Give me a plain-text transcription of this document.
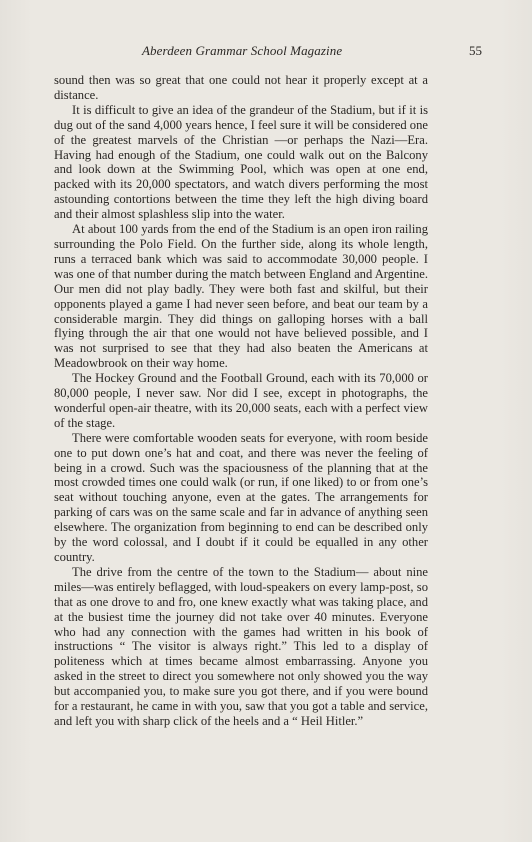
Aberdeen Grammar School Magazine	55

sound then was so great that one could not hear it properly except at a distance.

It is difficult to give an idea of the grandeur of the Stadium, but if it is dug out of the sand 4,000 years hence, I feel sure it will be considered one of the greatest marvels of the Christian —or perhaps the Nazi—Era. Having had enough of the Stadium, one could walk out on the Balcony and look down at the Swimming Pool, which was open at one end, packed with its 20,000 spectators, and watch divers performing the most astounding contortions between the time they left the high diving board and their almost splashless slip into the water.

At about 100 yards from the end of the Stadium is an open iron railing surrounding the Polo Field. On the further side, along its whole length, runs a terraced bank which was said to accommodate 30,000 people. I was one of that number during the match between England and Argentine. Our men did not play badly. They were both fast and skilful, but their opponents played a game I had never seen before, and beat our team by a considerable margin. They did things on galloping horses with a ball flying through the air that one would not have believed possible, and I was not surprised to see that they had also beaten the Americans at Meadowbrook on their way home.

The Hockey Ground and the Football Ground, each with its 70,000 or 80,000 people, I never saw. Nor did I see, except in photographs, the wonderful open-air theatre, with its 20,000 seats, each with a perfect view of the stage.

There were comfortable wooden seats for everyone, with room beside one to put down one’s hat and coat, and there was never the feeling of being in a crowd. Such was the spaciousness of the planning that at the most crowded times one could walk (or run, if one liked) to or from one’s seat without touching anyone, even at the gates. The arrangements for parking of cars was on the same scale and far in advance of anything seen elsewhere. The organization from beginning to end can be described only by the word colossal, and I doubt if it could be equalled in any other country.

The drive from the centre of the town to the Stadium— about nine miles—was entirely beflagged, with loud-speakers on every lamp-post, so that as one drove to and fro, one knew exactly what was taking place, and at the busiest time the journey did not take over 40 minutes. Everyone who had any connection with the games had written in his book of instructions “ The visitor is always right.” This led to a display of politeness which at times became almost embarrassing. Anyone you asked in the street to direct you somewhere not only showed you the way but accompanied you, to make sure you got there, and if you were bound for a restaurant, he came in with you, saw that you got a table and service, and left you with sharp click of the heels and a “ Heil Hitler.”
